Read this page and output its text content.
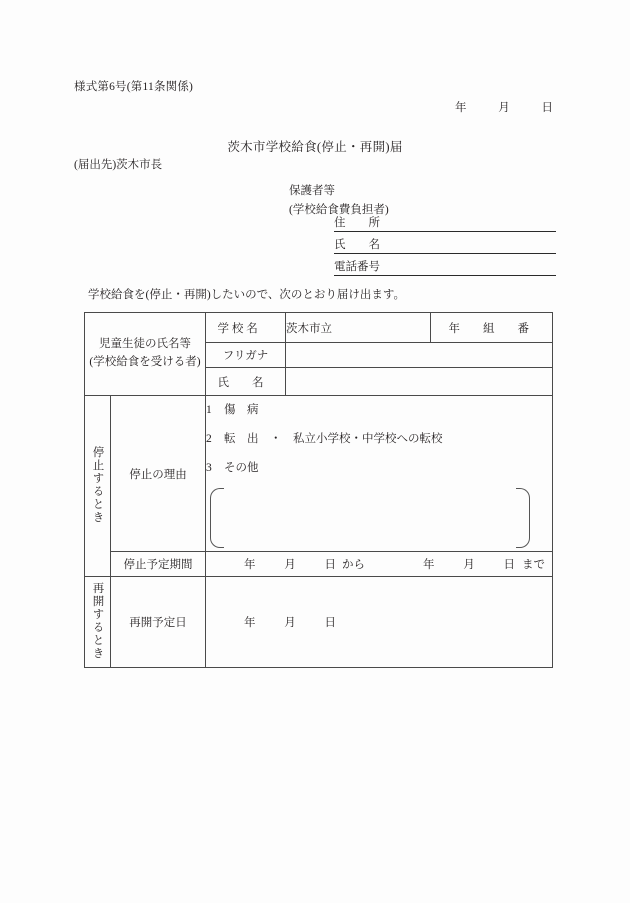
様式第6号(第11条関係)
年	月	日
茨木市学校給食(停止・再開)届
(届出先)茨木市長
保護者等
(学校給食費負担者)
住　　所
氏　　名
電話番号
学校給食を(停止・再開)したいので、次のとおり届け出ます。
児童生徒の氏名等
(学校給食を受ける者)		学 校 名	茨木市立	年　　組　　番
		フリガナ		
		氏　　名		
停止するとき	停止の理由	1 傷　病
2 転　出　・　私立小学校・中学校への転校
3 その他		

停止予定期間	年	月	日 から	年	月	日 まで

再開するとき	再開予定日	年 月 日		
